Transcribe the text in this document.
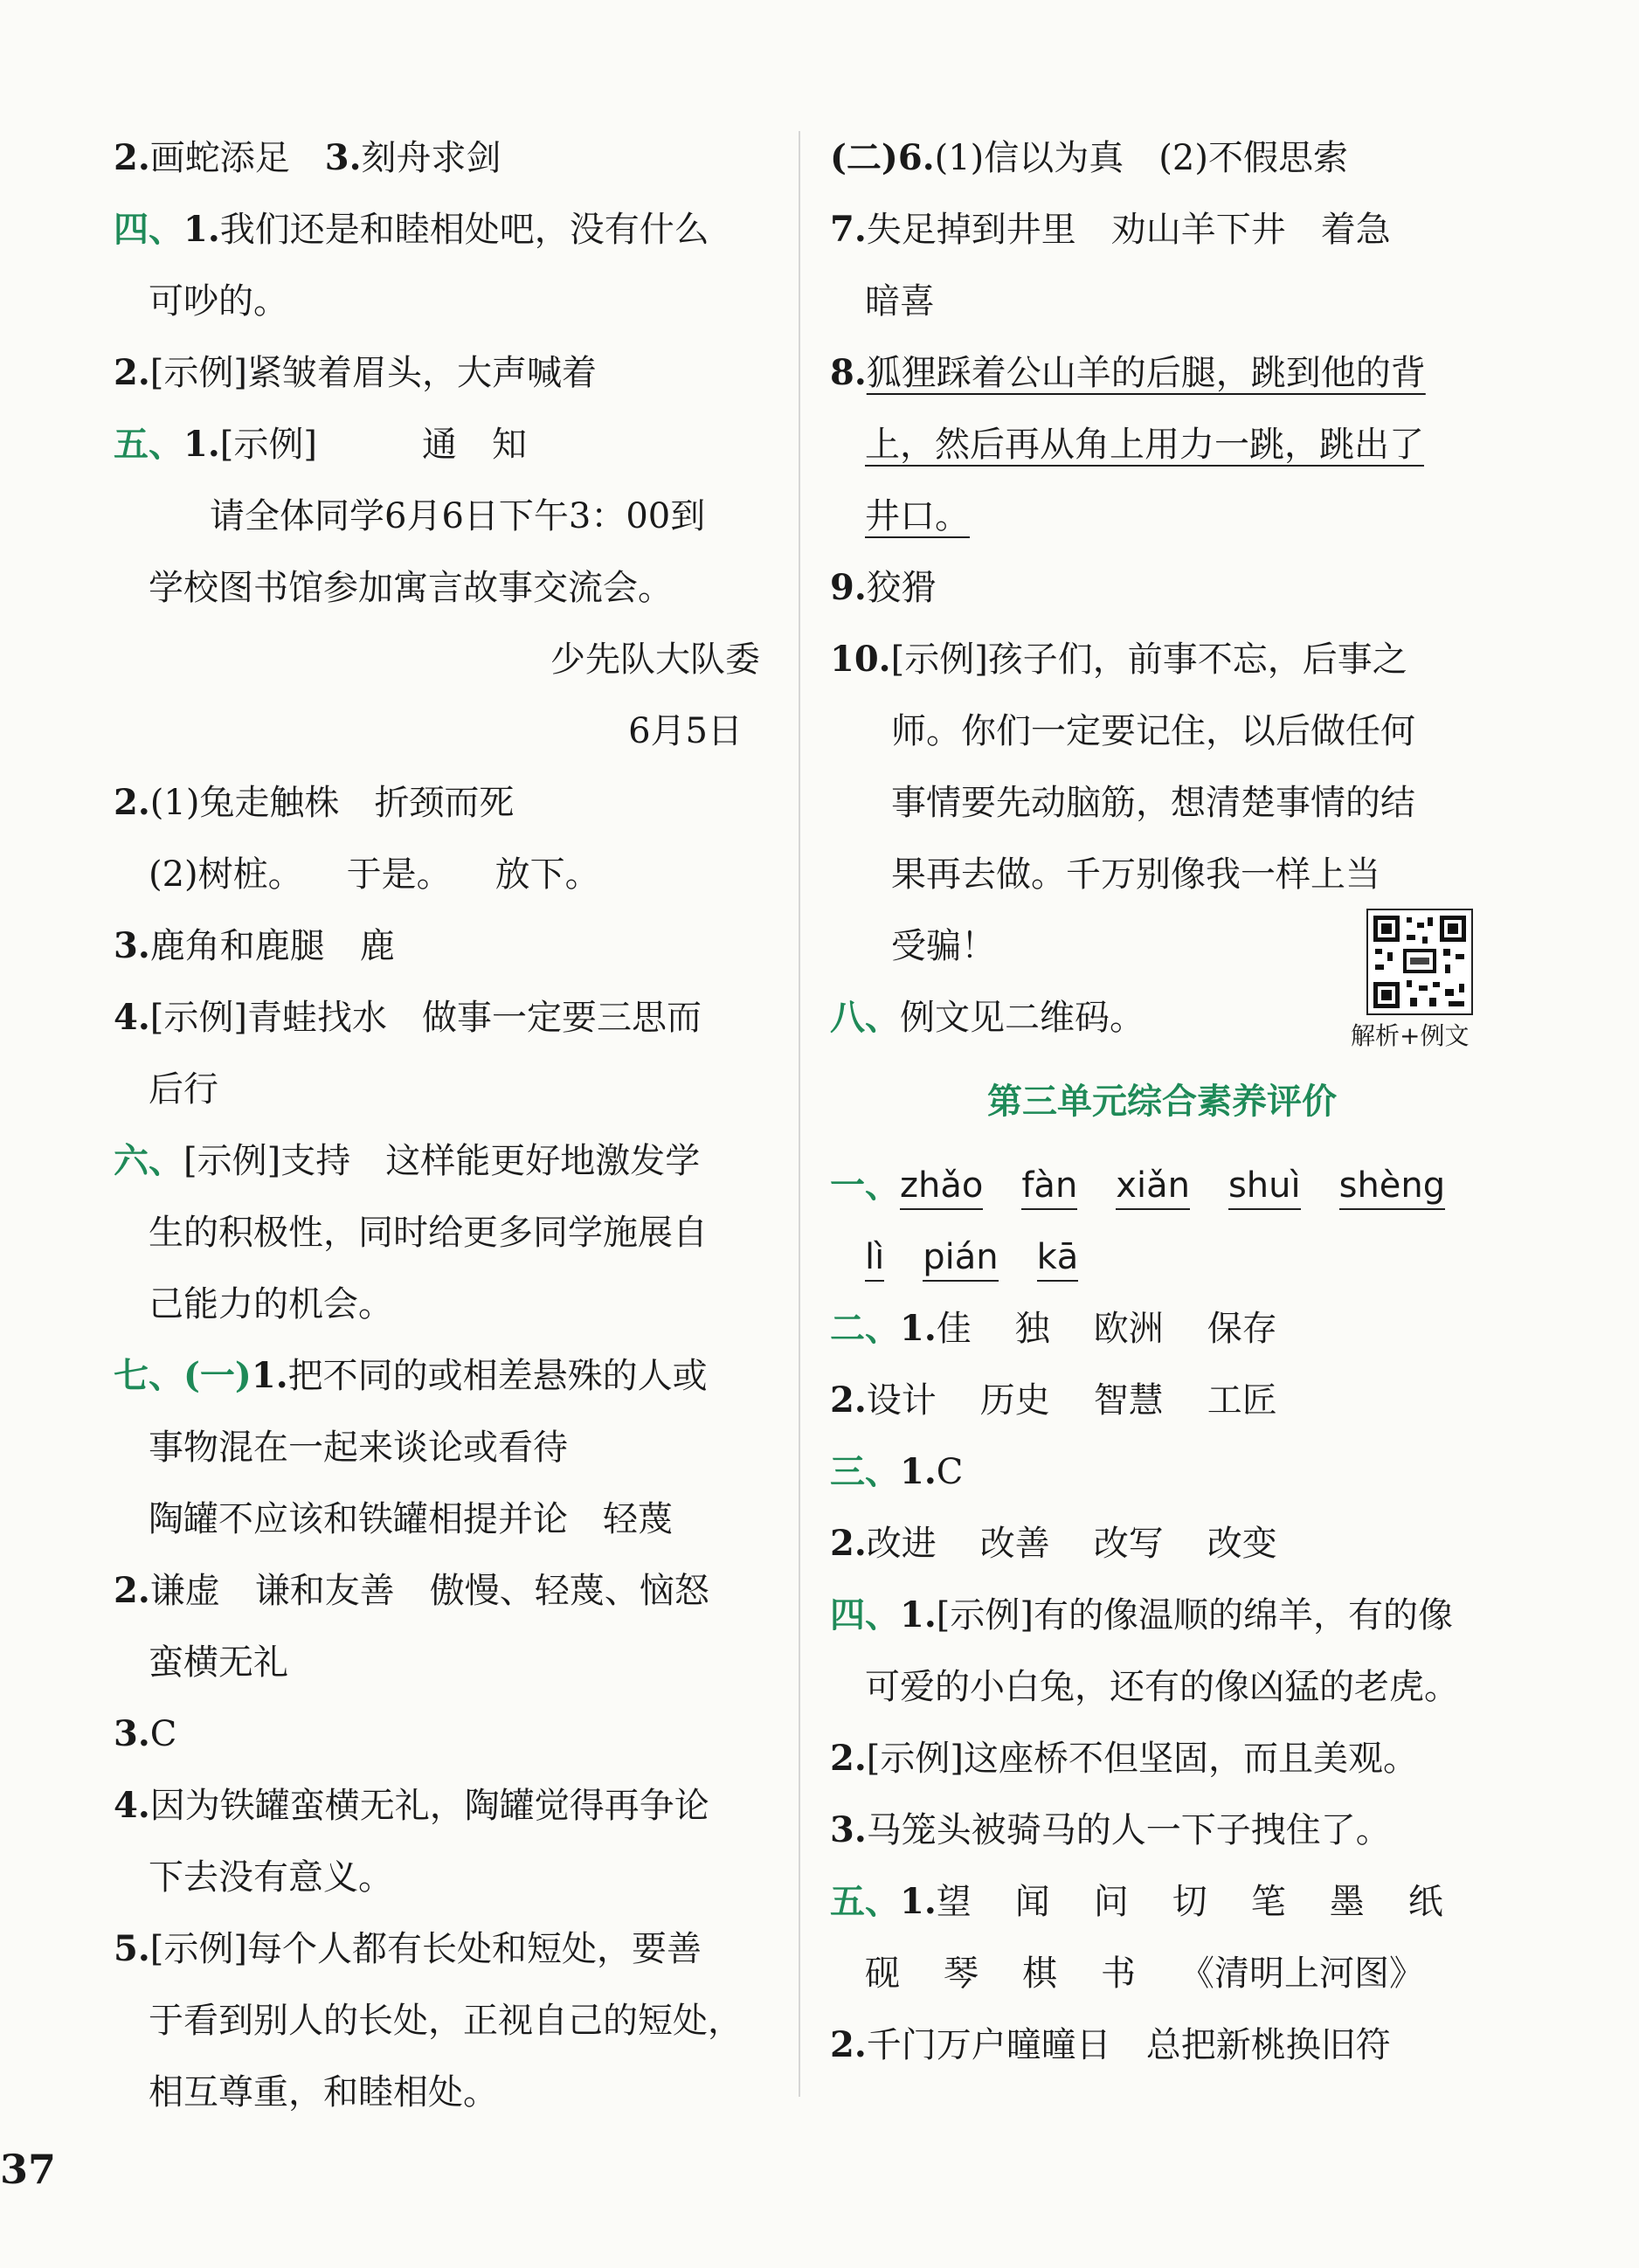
2.画蛇添足 3.刻舟求剑
四、1.我们还是和睦相处吧，没有什么
可吵的。
2.[示例]紧皱着眉头，大声喊着
五、1.[示例]	通　知
请全体同学6月6日下午3：00到
学校图书馆参加寓言故事交流会。
少先队大队委
6月5日
2.(1)兔走触株 折颈而死
(2)树桩。 于是。 放下。
3.鹿角和鹿腿 鹿
4.[示例]青蛙找水 做事一定要三思而
后行
六、[示例]支持 这样能更好地激发学
生的积极性，同时给更多同学施展自
己能力的机会。
七、(一)1.把不同的或相差悬殊的人或
事物混在一起来谈论或看待
陶罐不应该和铁罐相提并论 轻蔑
2.谦虚 谦和友善 傲慢、轻蔑、恼怒
蛮横无礼
3.C
4.因为铁罐蛮横无礼，陶罐觉得再争论
下去没有意义。
5.[示例]每个人都有长处和短处，要善
于看到别人的长处，正视自己的短处，
相互尊重，和睦相处。
(二)6.(1)信以为真 (2)不假思索
7.失足掉到井里 劝山羊下井 着急
暗喜
8.狐狸踩着公山羊的后腿，跳到他的背
上，然后再从角上用力一跳，跳出了
井口。
9.狡猾
10.[示例]孩子们，前事不忘，后事之
师。你们一定要记住，以后做任何
事情要先动脑筋，想清楚事情的结
果再去做。千万别像我一样上当
受骗！
八、例文见二维码。
第三单元综合素养评价
一、zhǎo fàn xiǎn shuì shèng
lì pián kā
二、1.佳 独 欧洲 保存
2.设计 历史 智慧 工匠
三、1.C
2.改进 改善 改写 改变
四、1.[示例]有的像温顺的绵羊，有的像
可爱的小白兔，还有的像凶猛的老虎。
2.[示例]这座桥不但坚固，而且美观。
3.马笼头被骑马的人一下子拽住了。
五、1.望 闻 问 切 笔 墨 纸
砚 琴 棋 书 《清明上河图》
2.千门万户曈曈日 总把新桃换旧符
解析+例文
37
